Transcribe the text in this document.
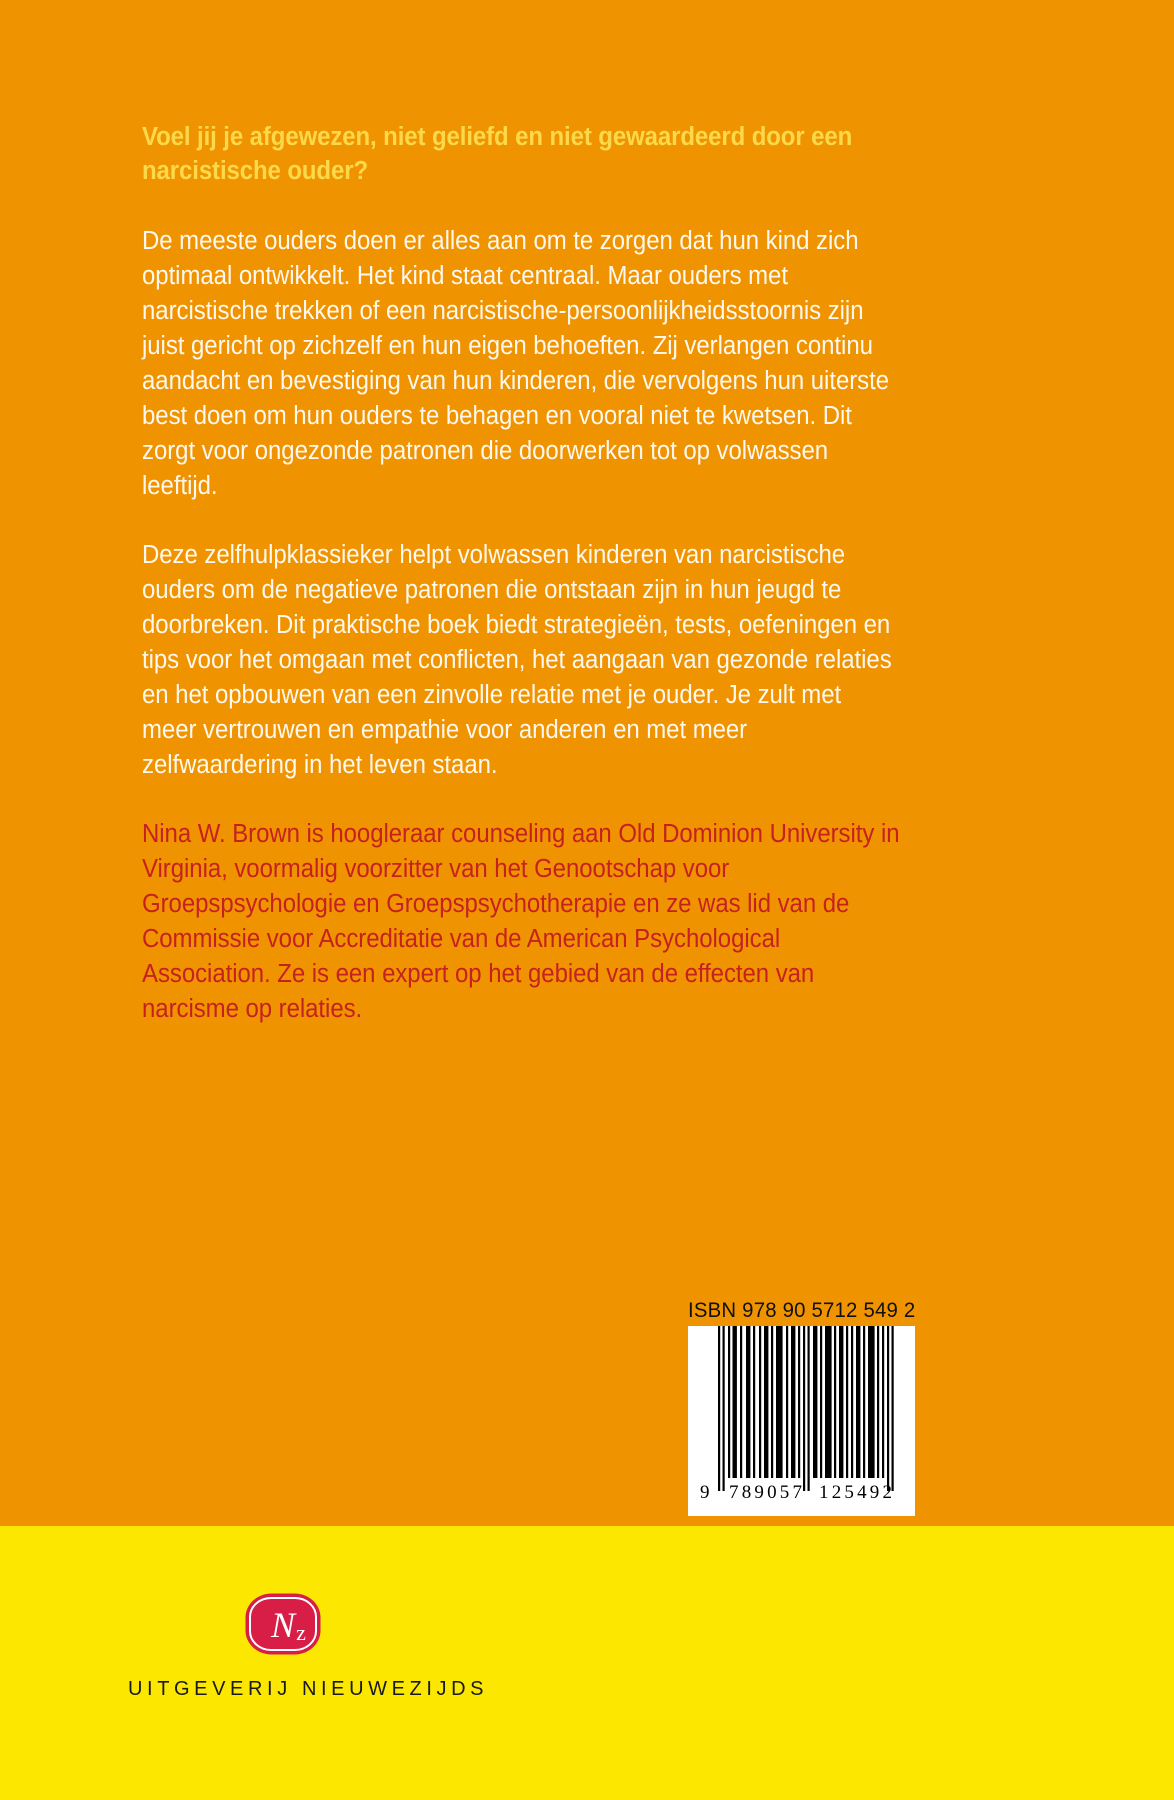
Voel jij je afgewezen, niet geliefd en niet gewaardeerd door een narcistische ouder?

De meeste ouders doen er alles aan om te zorgen dat hun kind zich optimaal ontwikkelt. Het kind staat centraal. Maar ouders met narcistische trekken of een narcistische-persoonlijkheidsstoornis zijn juist gericht op zichzelf en hun eigen behoeften. Zij verlangen continu aandacht en bevestiging van hun kinderen, die vervolgens hun uiterste best doen om hun ouders te behagen en vooral niet te kwetsen. Dit zorgt voor ongezonde patronen die doorwerken tot op volwassen leeftijd.

Deze zelfhulpklassieker helpt volwassen kinderen van narcistische ouders om de negatieve patronen die ontstaan zijn in hun jeugd te doorbreken. Dit praktische boek biedt strategieën, tests, oefeningen en tips voor het omgaan met conflicten, het aangaan van gezonde relaties en het opbouwen van een zinvolle relatie met je ouder. Je zult met meer vertrouwen en empathie voor anderen en met meer zelfwaardering in het leven staan.

Nina W. Brown is hoogleraar counseling aan Old Dominion University in Virginia, voormalig voorzitter van het Genootschap voor Groepspsychologie en Groepspsychotherapie en ze was lid van de Commissie voor Accreditatie van de American Psychological Association. Ze is een expert op het gebied van de effecten van narcisme op relaties.

ISBN 978 90 5712 549 2
9 789057 125492
N z
UITGEVERIJ NIEUWEZIJDS
